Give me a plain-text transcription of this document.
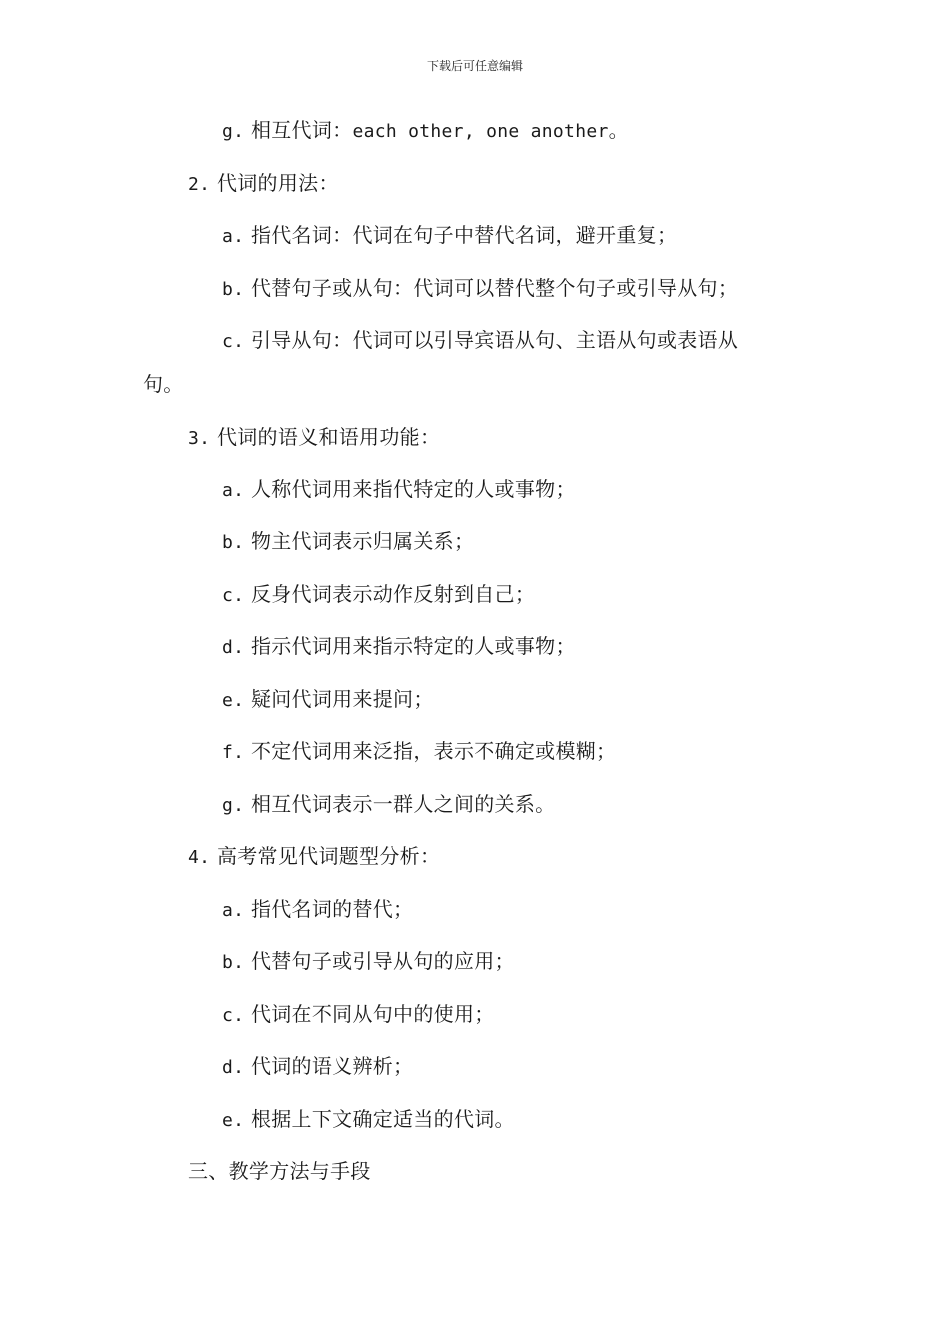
下载后可任意编辑
g. 相互代词：each other, one another。
2. 代词的用法：
a. 指代名词：代词在句子中替代名词，避开重复；
b. 代替句子或从句：代词可以替代整个句子或引导从句；
c. 引导从句：代词可以引导宾语从句、主语从句或表语从
句。
3. 代词的语义和语用功能：
a. 人称代词用来指代特定的人或事物；
b. 物主代词表示归属关系；
c. 反身代词表示动作反射到自己；
d. 指示代词用来指示特定的人或事物；
e. 疑问代词用来提问；
f. 不定代词用来泛指，表示不确定或模糊；
g. 相互代词表示一群人之间的关系。
4. 高考常见代词题型分析：
a. 指代名词的替代；
b. 代替句子或引导从句的应用；
c. 代词在不同从句中的使用；
d. 代词的语义辨析；
e. 根据上下文确定适当的代词。
三、教学方法与手段
